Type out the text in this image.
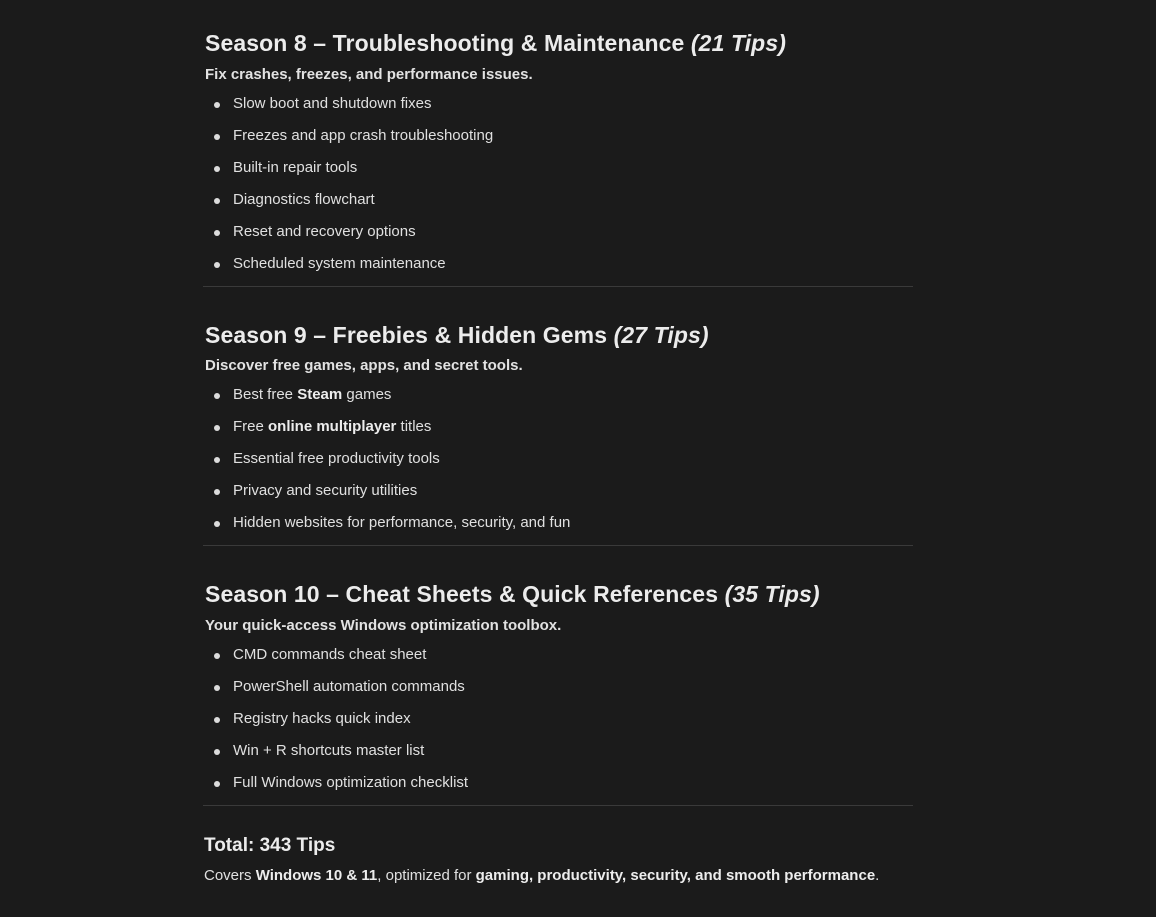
Season 8 – Troubleshooting & Maintenance (21 Tips)

Fix crashes, freezes, and performance issues.

Slow boot and shutdown fixes
Freezes and app crash troubleshooting
Built-in repair tools
Diagnostics flowchart
Reset and recovery options
Scheduled system maintenance
Season 9 – Freebies & Hidden Gems (27 Tips)

Discover free games, apps, and secret tools.

Best free Steam games
Free online multiplayer titles
Essential free productivity tools
Privacy and security utilities
Hidden websites for performance, security, and fun
Season 10 – Cheat Sheets & Quick References (35 Tips)

Your quick-access Windows optimization toolbox.

CMD commands cheat sheet
PowerShell automation commands
Registry hacks quick index
Win + R shortcuts master list
Full Windows optimization checklist
Total: 343 Tips

Covers Windows 10 & 11, optimized for gaming, productivity, security, and smooth performance.
